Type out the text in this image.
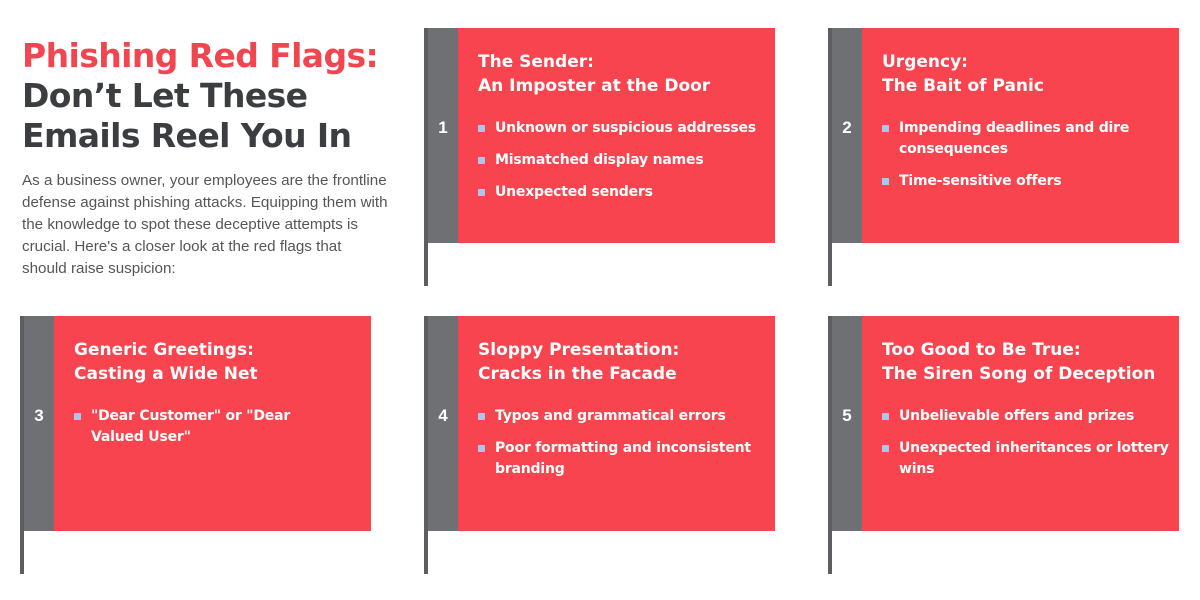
Phishing Red Flags:
Don’t Let These
Emails Reel You In

As a business owner, your employees are the frontline defense against phishing attacks. Equipping them with the knowledge to spot these deceptive attempts is crucial. Here's a closer look at the red flags that should raise suspicion:

1
The Sender:
An Imposter at the Door
Unknown or suspicious addresses
Mismatched display names
Unexpected senders
2
Urgency:
The Bait of Panic
Impending deadlines and dire consequences
Time-sensitive offers
3
Generic Greetings:
Casting a Wide Net
"Dear Customer" or "Dear Valued User"
4
Sloppy Presentation:
Cracks in the Facade
Typos and grammatical errors
Poor formatting and inconsistent branding
5
Too Good to Be True:
The Siren Song of Deception
Unbelievable offers and prizes
Unexpected inheritances or lottery wins
